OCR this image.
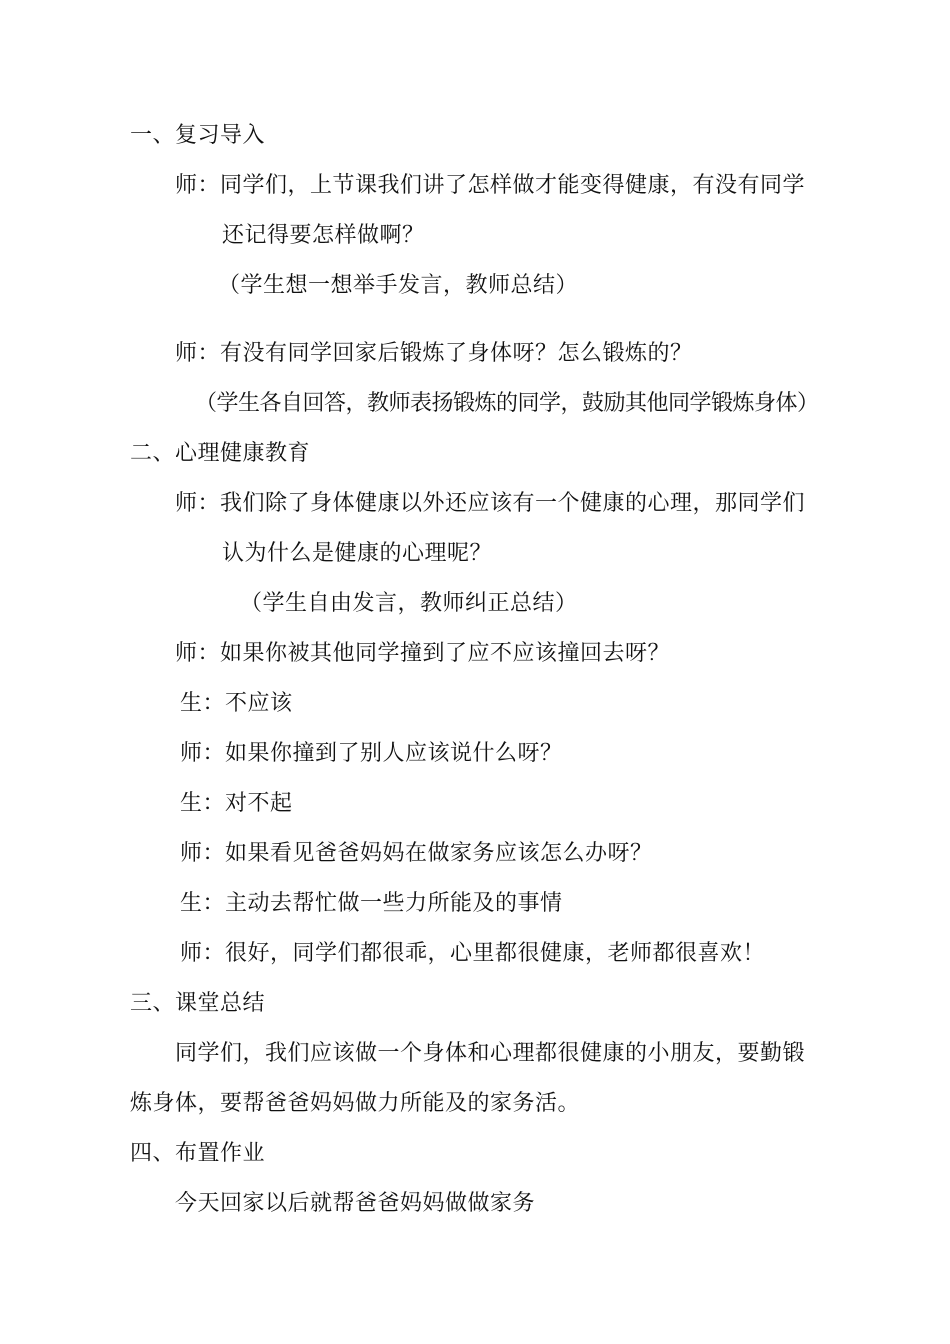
一、复习导入
师：同学们，上节课我们讲了怎样做才能变得健康，有没有同学
还记得要怎样做啊？
（学生想一想举手发言，教师总结）
师：有没有同学回家后锻炼了身体呀？怎么锻炼的？
（学生各自回答，教师表扬锻炼的同学，鼓励其他同学锻炼身体）
二、心理健康教育
师：我们除了身体健康以外还应该有一个健康的心理，那同学们
认为什么是健康的心理呢？
（学生自由发言，教师纠正总结）
师：如果你被其他同学撞到了应不应该撞回去呀？
生：不应该
师：如果你撞到了别人应该说什么呀？
生：对不起
师：如果看见爸爸妈妈在做家务应该怎么办呀？
生：主动去帮忙做一些力所能及的事情
师：很好，同学们都很乖，心里都很健康，老师都很喜欢！
三、课堂总结
同学们，我们应该做一个身体和心理都很健康的小朋友，要勤锻
炼身体，要帮爸爸妈妈做力所能及的家务活。
四、布置作业
今天回家以后就帮爸爸妈妈做做家务
